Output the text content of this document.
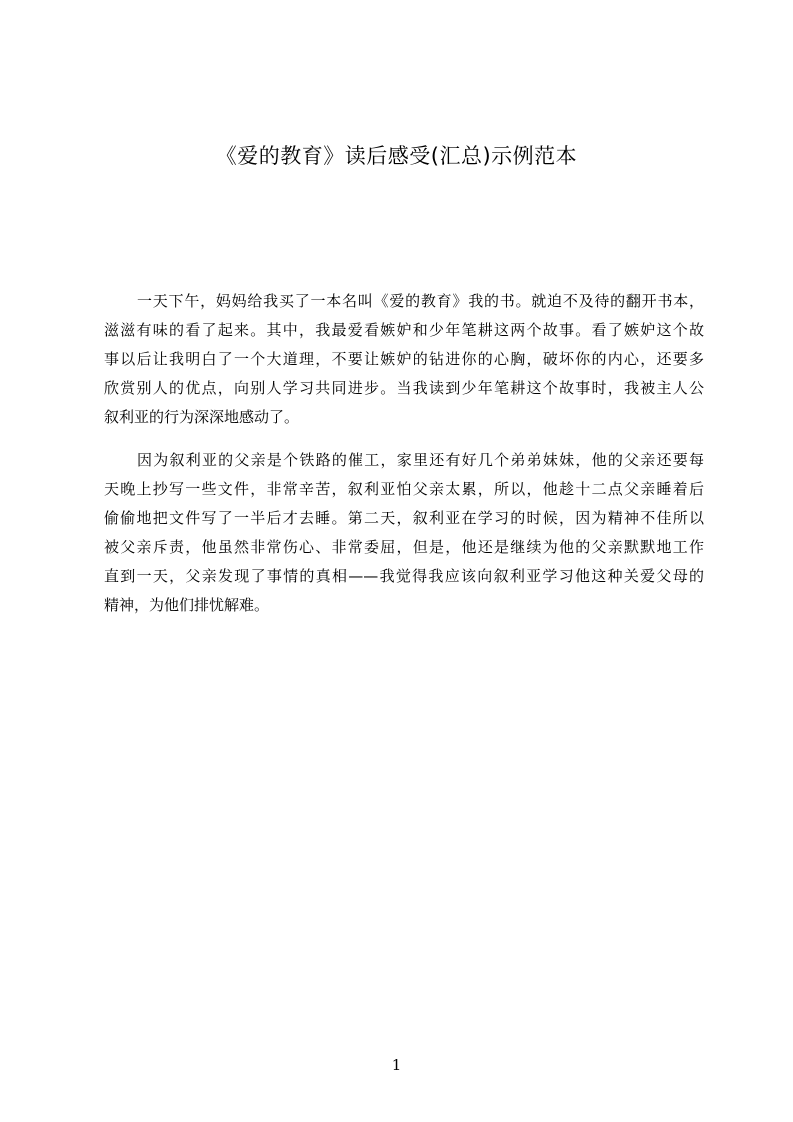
《爱的教育》读后感受(汇总)示例范本
一天下午，妈妈给我买了一本名叫《爱的教育》我的书。就迫不及待的翻开书本，
滋滋有味的看了起来。其中，我最爱看嫉妒和少年笔耕这两个故事。看了嫉妒这个故
事以后让我明白了一个大道理，不要让嫉妒的钻进你的心胸，破坏你的内心，还要多
欣赏别人的优点，向别人学习共同进步。当我读到少年笔耕这个故事时，我被主人公
叙利亚的行为深深地感动了。
因为叙利亚的父亲是个铁路的催工，家里还有好几个弟弟妹妹，他的父亲还要每
天晚上抄写一些文件，非常辛苦，叙利亚怕父亲太累，所以，他趁十二点父亲睡着后
偷偷地把文件写了一半后才去睡。第二天，叙利亚在学习的时候，因为精神不佳所以
被父亲斥责，他虽然非常伤心、非常委屈，但是，他还是继续为他的父亲默默地工作
直到一天，父亲发现了事情的真相——我觉得我应该向叙利亚学习他这种关爱父母的
精神，为他们排忧解难。
1
